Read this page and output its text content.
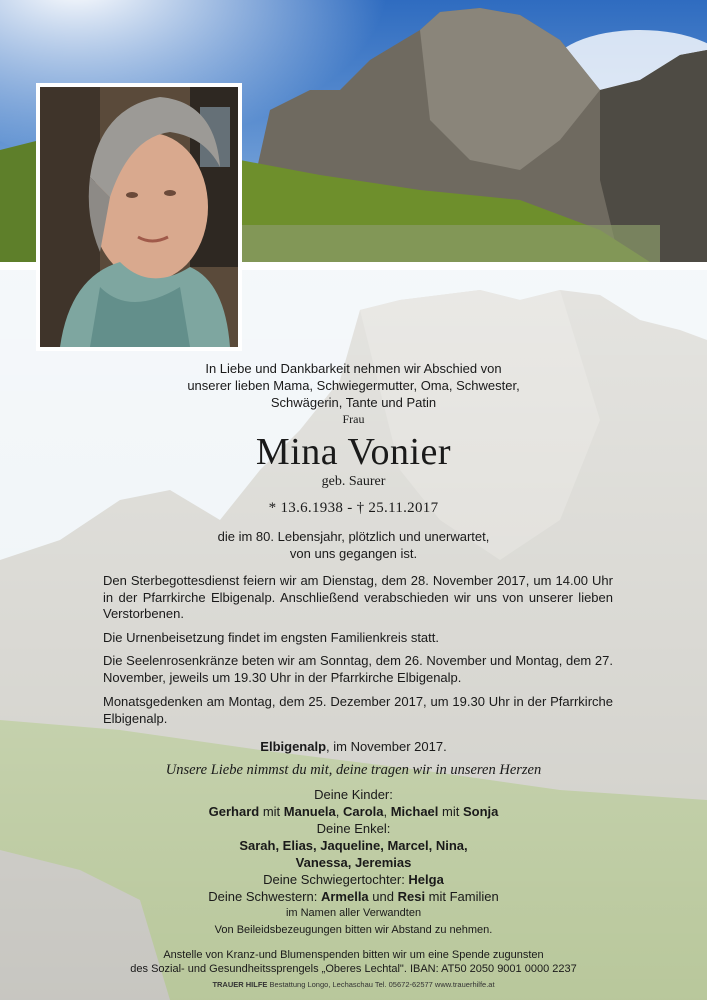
In Liebe und Dankbarkeit nehmen wir Abschied von
unserer lieben Mama, Schwiegermutter, Oma, Schwester,
Schwägerin, Tante und Patin
Frau
Mina Vonier
geb. Saurer
* 13.6.1938 - † 25.11.2017
die im 80. Lebensjahr, plötzlich und unerwartet,
von uns gegangen ist.
Den Sterbegottesdienst feiern wir am Dienstag, dem 28. November 2017, um 14.00 Uhr in der Pfarrkirche Elbigenalp. Anschließend verabschieden wir uns von unserer lieben Verstorbenen.
Die Urnenbeisetzung findet im engsten Familienkreis statt.
Die Seelenrosenkränze beten wir am Sonntag, dem 26. November und Montag, dem 27. November, jeweils um 19.30 Uhr in der Pfarrkirche Elbigenalp.
Monatsgedenken am Montag, dem 25. Dezember 2017, um 19.30 Uhr in der Pfarrkirche Elbigenalp.
Elbigenalp, im November 2017.
Unsere Liebe nimmst du mit, deine tragen wir in unseren Herzen
Deine Kinder:
Gerhard mit Manuela, Carola, Michael mit Sonja
Deine Enkel:
Sarah, Elias, Jaqueline, Marcel, Nina,
Vanessa, Jeremias
Deine Schwiegertochter: Helga
Deine Schwestern: Armella und Resi mit Familien
im Namen aller Verwandten
Von Beileidsbezeugungen bitten wir Abstand zu nehmen.
Anstelle von Kranz-und Blumenspenden bitten wir um eine Spende zugunsten
des Sozial- und Gesundheitssprengels „Oberes Lechtal". IBAN: AT50 2050 9001 0000 2237
TRAUER HILFE Bestattung Longo, Lechaschau Tel. 05672-62577 www.trauerhilfe.at
